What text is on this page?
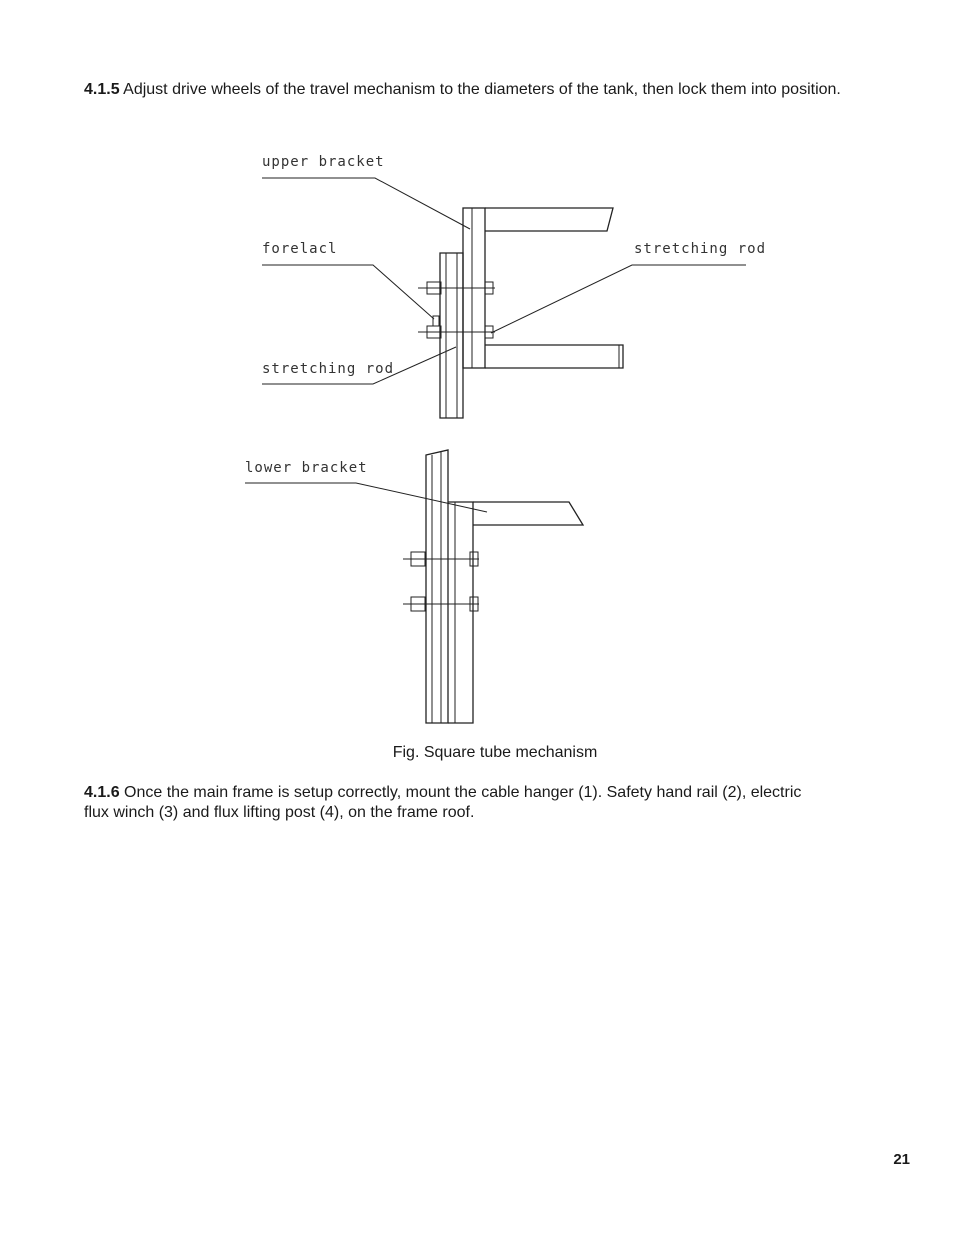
4.1.5 Adjust drive wheels of the travel mechanism to the diameters of the tank, then lock them into position.

upper bracket
forelacl	stretching rod
stretching rod
lower bracket
Fig. Square tube mechanism

4.1.6 Once the main frame is setup correctly, mount the cable hanger (1). Safety hand rail (2), electric flux winch (3) and flux lifting post (4), on the frame roof.

21
